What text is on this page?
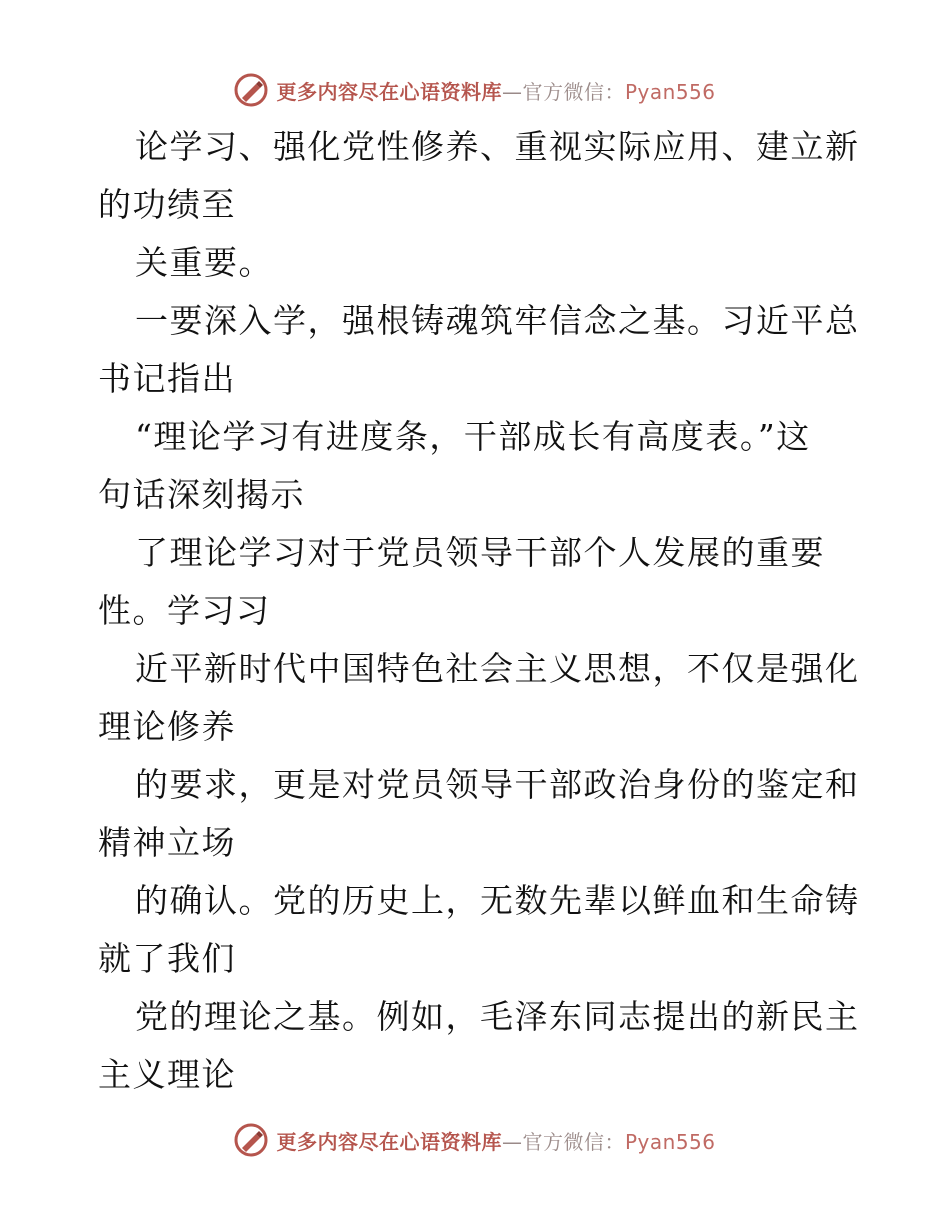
更多内容尽在心语资料库—官方微信：Pyan556
论学习、强化党性修养、重视实际应用、建立新
的功绩至
关重要。
一要深入学，强根铸魂筑牢信念之基。习近平总
书记指出
“理论学习有进度条，干部成长有高度表。”这
句话深刻揭示
了理论学习对于党员领导干部个人发展的重要
性。学习习
近平新时代中国特色社会主义思想，不仅是强化
理论修养
的要求，更是对党员领导干部政治身份的鉴定和
精神立场
的确认。党的历史上，无数先辈以鲜血和生命铸
就了我们
党的理论之基。例如，毛泽东同志提出的新民主
主义理论
更多内容尽在心语资料库—官方微信：Pyan556
